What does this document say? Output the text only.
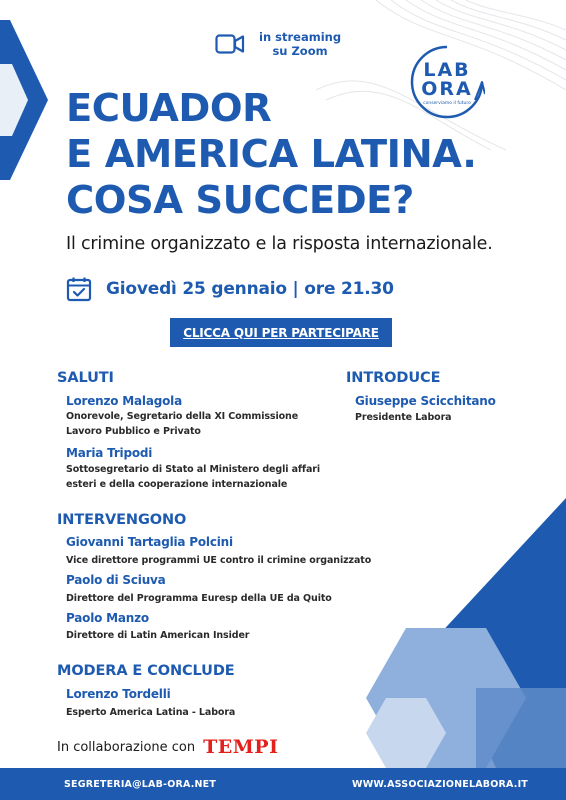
in streaming
su Zoom
LAB
ORA
conserviamo il futuro
ECUADOR
E AMERICA LATINA.
COSA SUCCEDE?
Il crimine organizzato e la risposta internazionale.
Giovedì 25 gennaio | ore 21.30
CLICCA QUI PER PARTECIPARE
SALUTI
Lorenzo Malagola
Onorevole, Segretario della XI Commissione
Lavoro Pubblico e Privato
Maria Tripodi
Sottosegretario di Stato al Ministero degli affari
esteri e della cooperazione internazionale
INTRODUCE
Giuseppe Scicchitano
Presidente Labora
INTERVENGONO
Giovanni Tartaglia Polcini
Vice direttore programmi UE contro il crimine organizzato
Paolo di Sciuva
Direttore del Programma Euresp della UE da Quito
Paolo Manzo
Direttore di Latin American Insider
MODERA E CONCLUDE
Lorenzo Tordelli
Esperto America Latina - Labora
In collaborazione con TEMPI
SEGRETERIA@LAB-ORA.NET	WWW.ASSOCIAZIONELABORA.IT
